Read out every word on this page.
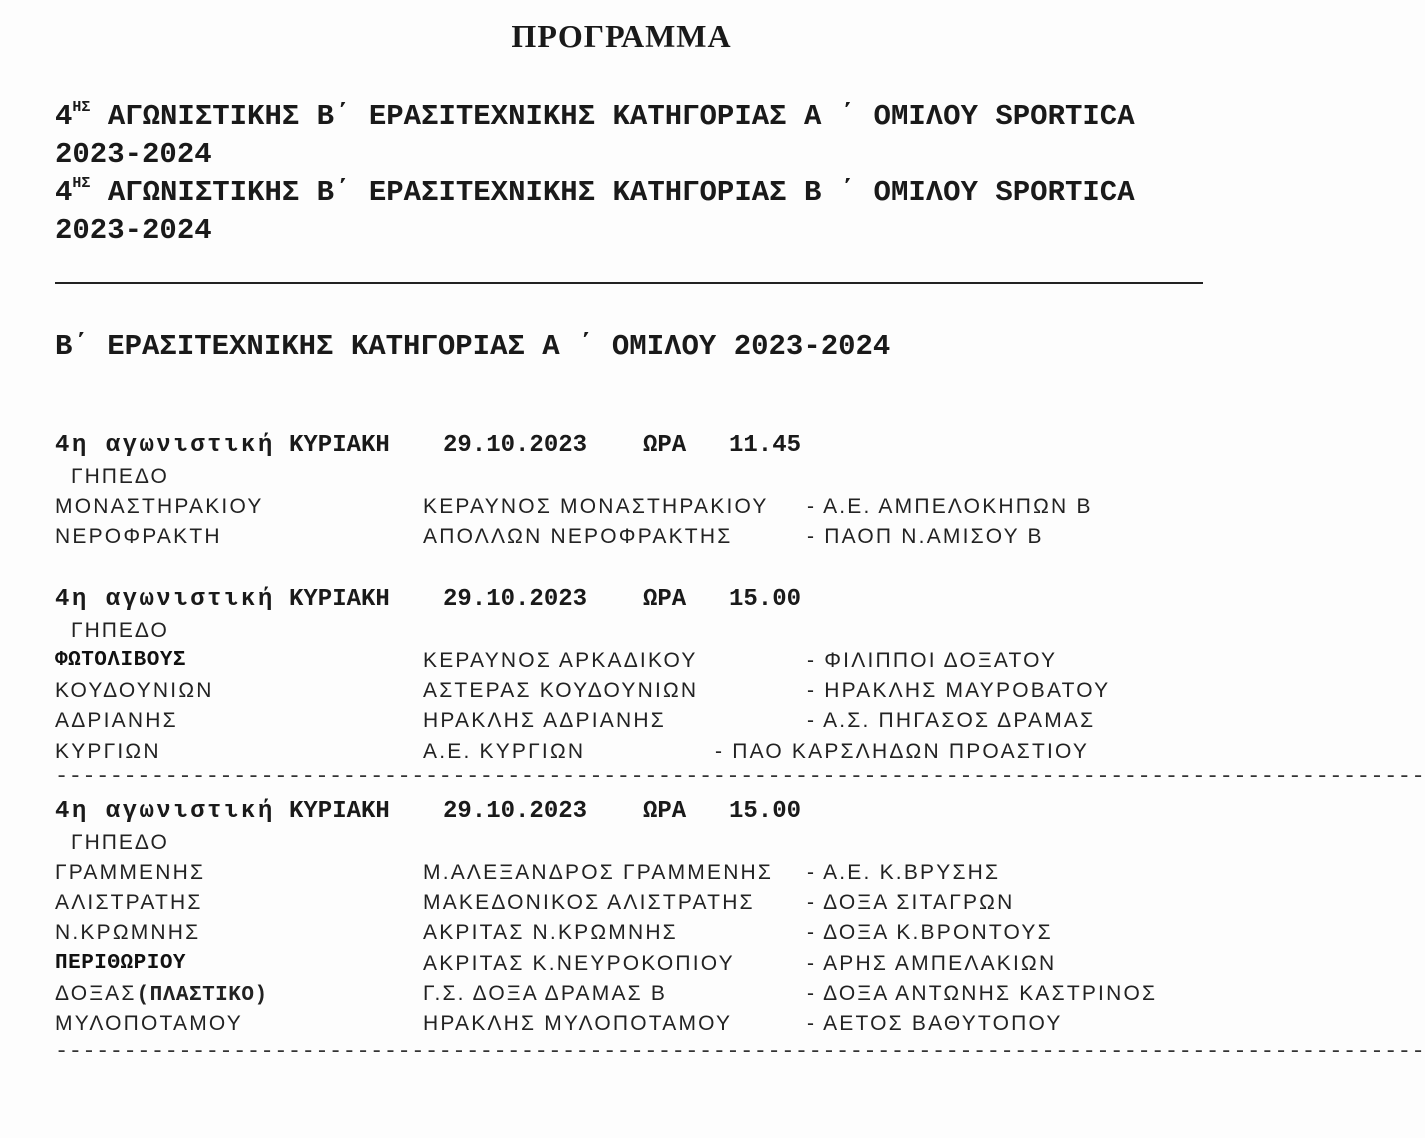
ΠΡΟΓΡΑΜΜΑ
$4^{H\Sigma}$ ΑΓΩΝΙΣΤΙΚΗΣ Β΄ ΕΡΑΣΙΤΕΧΝΙΚΗΣ ΚΑΤΗΓΟΡΙΑΣ Α ΄ ΟΜΙΛΟΥ SPORTICA
2023-2024
$4^{H\Sigma}$ ΑΓΩΝΙΣΤΙΚΗΣ Β΄ ΕΡΑΣΙΤΕΧΝΙΚΗΣ ΚΑΤΗΓΟΡΙΑΣ Β ΄ ΟΜΙΛΟΥ SPORTICA
2023-2024
Β΄ ΕΡΑΣΙΤΕΧΝΙΚΗΣ ΚΑΤΗΓΟΡΙΑΣ Α ΄ ΟΜΙΛΟΥ 2023-2024
4η αγωνιστική ΚΥΡΙΑΚΗ 29.10.2023 ΩΡΑ 11.45
ΓΗΠΕΔΟ
ΜΟΝΑΣΤΗΡΑΚΙΟΥ	ΚΕΡΑΥΝΟΣ ΜΟΝΑΣΤΗΡΑΚΙΟΥ - Α.Ε. ΑΜΠΕΛΟΚΗΠΩΝ Β
ΝΕΡΟΦΡΑΚΤΗ	ΑΠΟΛΛΩΝ ΝΕΡΟΦΡΑΚΤΗΣ	- ΠΑΟΠ Ν.ΑΜΙΣΟΥ Β
4η αγωνιστική ΚΥΡΙΑΚΗ 29.10.2023 ΩΡΑ 15.00
ΓΗΠΕΔΟ
ΦΩΤΟΛΙΒΟΥΣ	ΚΕΡΑΥΝΟΣ ΑΡΚΑΔΙΚΟΥ	- ΦΙΛΙΠΠΟΙ ΔΟΞΑΤΟΥ
ΚΟΥΔΟΥΝΙΩΝ	ΑΣΤΕΡΑΣ ΚΟΥΔΟΥΝΙΩΝ	- ΗΡΑΚΛΗΣ ΜΑΥΡΟΒΑΤΟΥ
ΑΔΡΙΑΝΗΣ	ΗΡΑΚΛΗΣ ΑΔΡΙΑΝΗΣ	- Α.Σ. ΠΗΓΑΣΟΣ ΔΡΑΜΑΣ
ΚΥΡΓΙΩΝ	Α.Ε. ΚΥΡΓΙΩΝ	- ΠΑΟ ΚΑΡΣΛΗΔΩΝ ΠΡΟΑΣΤΙΟΥ
----------------------------------------------------------------------------------------------------
4η αγωνιστική ΚΥΡΙΑΚΗ 29.10.2023 ΩΡΑ 15.00
ΓΗΠΕΔΟ
ΓΡΑΜΜΕΝΗΣ	Μ.ΑΛΕΞΑΝΔΡΟΣ ΓΡΑΜΜΕΝΗΣ - Α.Ε. Κ.ΒΡΥΣΗΣ
ΑΛΙΣΤΡΑΤΗΣ	ΜΑΚΕΔΟΝΙΚΟΣ ΑΛΙΣΤΡΑΤΗΣ - ΔΟΞΑ ΣΙΤΑΓΡΩΝ
Ν.ΚΡΩΜΝΗΣ	ΑΚΡΙΤΑΣ Ν.ΚΡΩΜΝΗΣ	- ΔΟΞΑ Κ.ΒΡΟΝΤΟΥΣ
ΠΕΡΙΘΩΡΙΟΥ	ΑΚΡΙΤΑΣ Κ.ΝΕΥΡΟΚΟΠΙΟΥ	- ΑΡΗΣ ΑΜΠΕΛΑΚΙΩΝ
ΔΟΞΑΣ(ΠΛΑΣΤΙΚΟ)	Γ.Σ. ΔΟΞΑ ΔΡΑΜΑΣ Β	- ΔΟΞΑ ΑΝΤΩΝΗΣ ΚΑΣΤΡΙΝΟΣ
ΜΥΛΟΠΟΤΑΜΟΥ	ΗΡΑΚΛΗΣ ΜΥΛΟΠΟΤΑΜΟΥ	- ΑΕΤΟΣ ΒΑΘΥΤΟΠΟΥ
----------------------------------------------------------------------------------------------------
